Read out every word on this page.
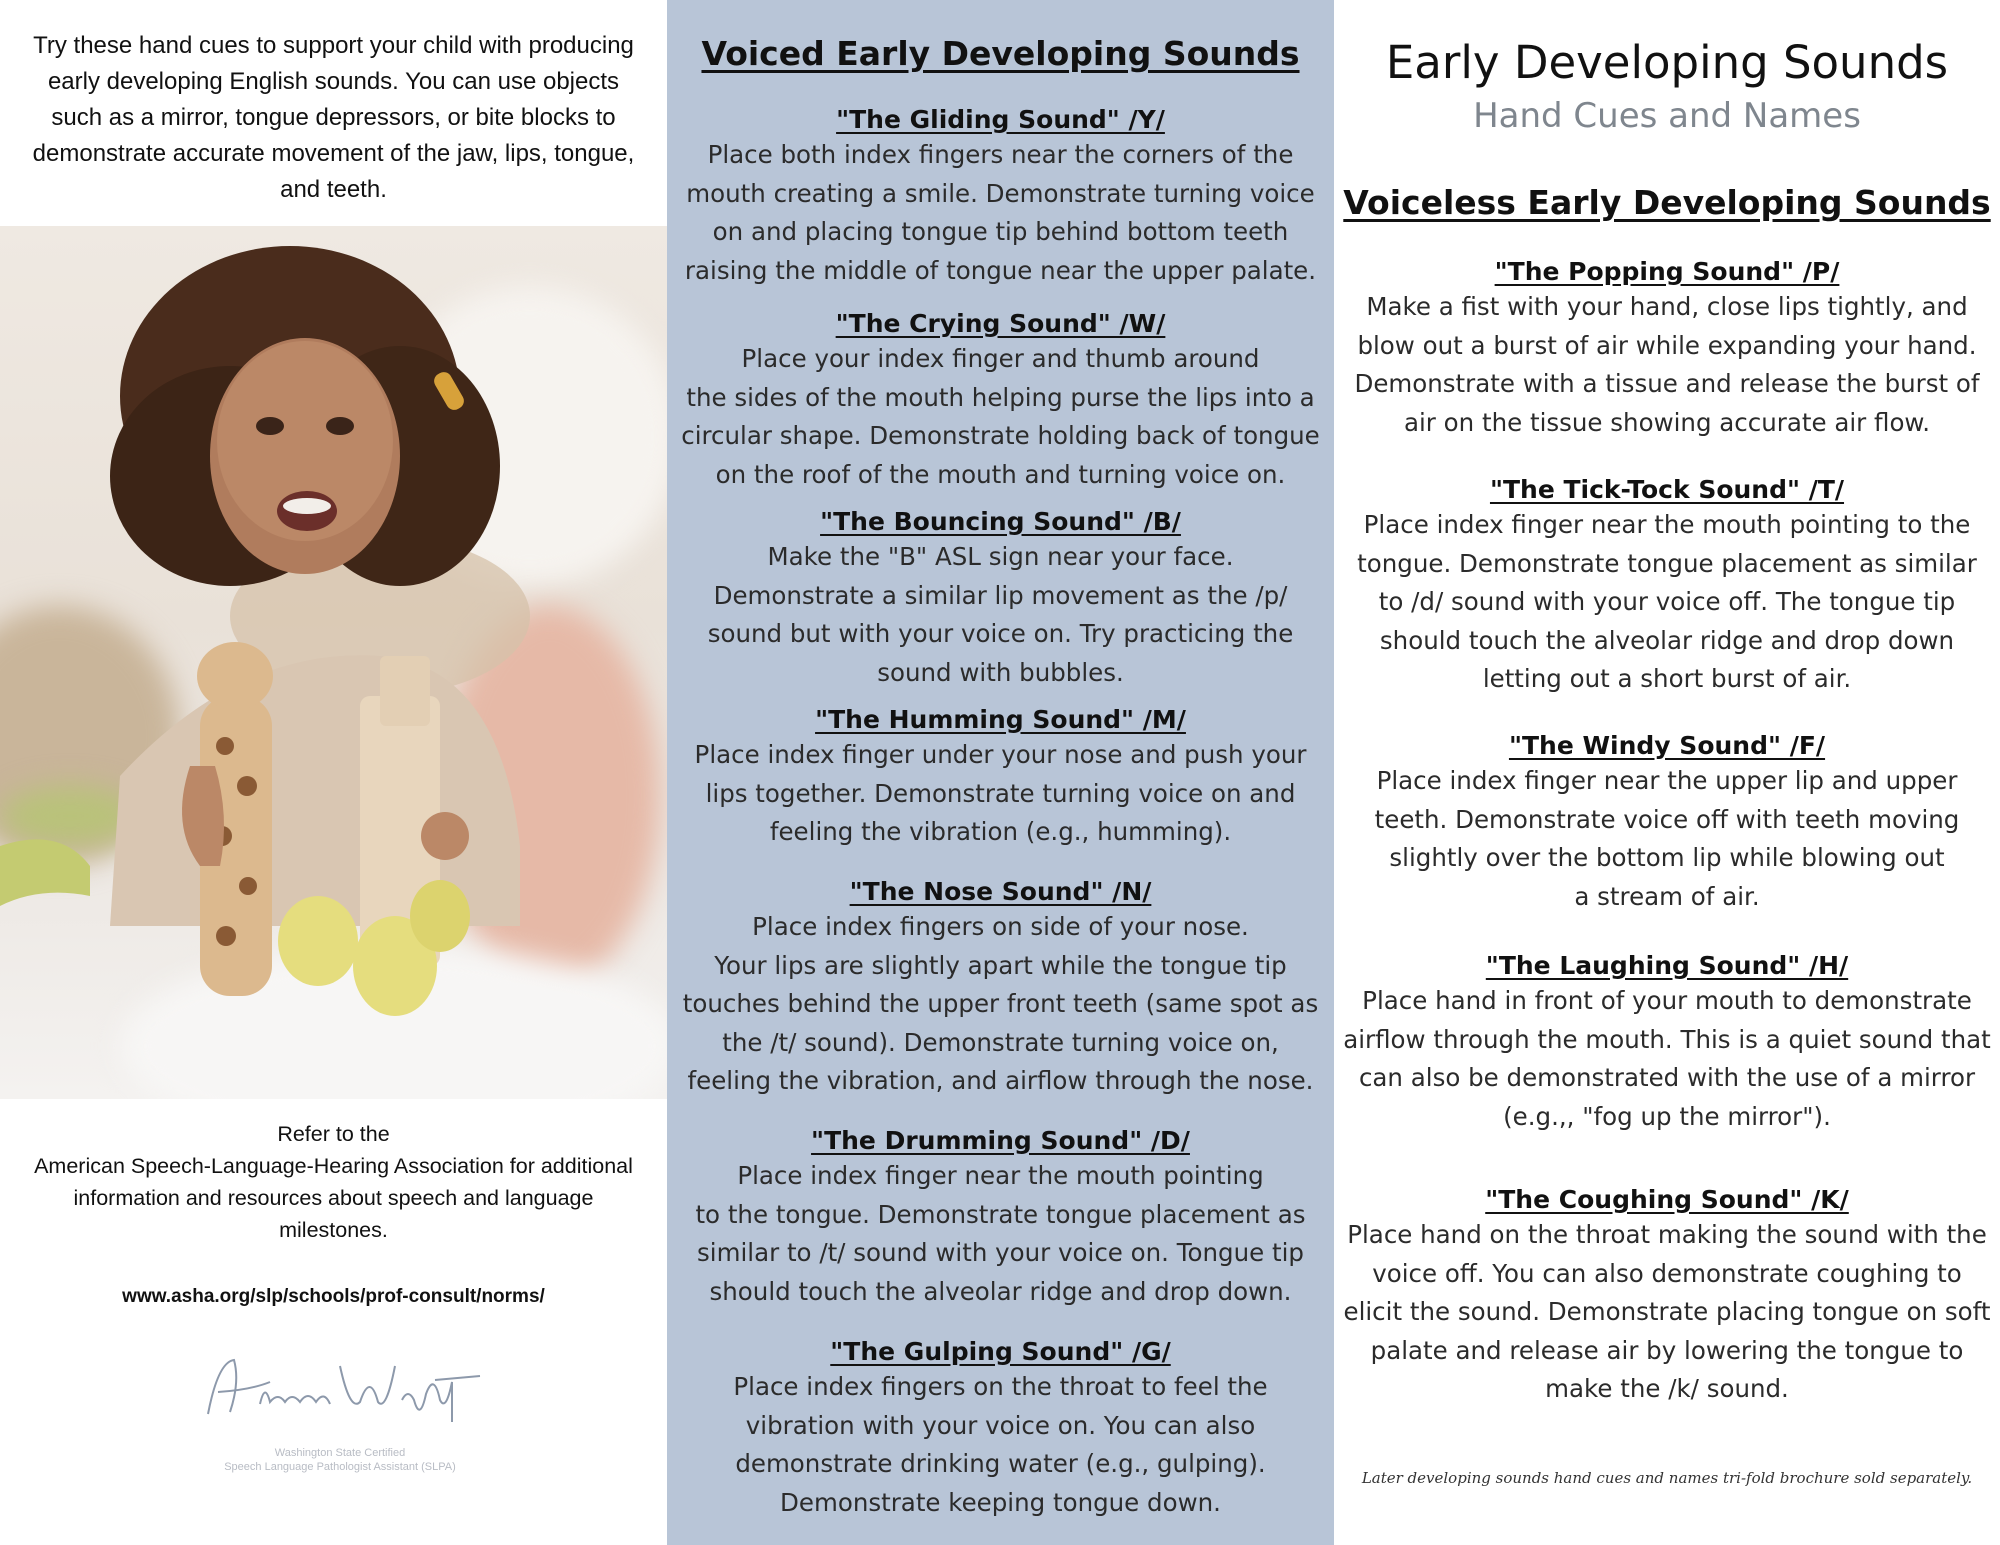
Try these hand cues to support your child with producing early developing English sounds. You can use objects such as a mirror, tongue depressors, or bite blocks to demonstrate accurate movement of the jaw, lips, tongue, and teeth.

Refer to the

American Speech-Language-Hearing Association for additional information and resources about speech and language milestones.

www.asha.org/slp/schools/prof-consult/norms/

Washington State Certified

Speech Language Pathologist Assistant (SLPA)

Voiced Early Developing Sounds
"The Gliding Sound" /Y/

Place both index fingers near the corners of the mouth creating a smile. Demonstrate turning voice on and placing tongue tip behind bottom teeth raising the middle of tongue near the upper palate.

"The Crying Sound" /W/

Place your index finger and thumb around
the sides of the mouth helping purse the lips into a circular shape. Demonstrate holding back of tongue on the roof of the mouth and turning voice on.

"The Bouncing Sound" /B/

Make the "B" ASL sign near your face.
Demonstrate a similar lip movement as the /p/ sound but with your voice on. Try practicing the sound with bubbles.

"The Humming Sound" /M/

Place index finger under your nose and push your lips together. Demonstrate turning voice on and feeling the vibration (e.g., humming).

"The Nose Sound" /N/

Place index fingers on side of your nose.
Your lips are slightly apart while the tongue tip touches behind the upper front teeth (same spot as the /t/ sound). Demonstrate turning voice on, feeling the vibration, and airflow through the nose.

"The Drumming Sound" /D/

Place index finger near the mouth pointing
to the tongue. Demonstrate tongue placement as similar to /t/ sound with your voice on. Tongue tip should touch the alveolar ridge and drop down.

"The Gulping Sound" /G/

Place index fingers on the throat to feel the vibration with your voice on. You can also demonstrate drinking water (e.g., gulping). Demonstrate keeping tongue down.

Early Developing Sounds

Hand Cues and Names

Voiceless Early Developing Sounds
"The Popping Sound" /P/

Make a fist with your hand, close lips tightly, and blow out a burst of air while expanding your hand. Demonstrate with a tissue and release the burst of air on the tissue showing accurate air flow.

"The Tick-Tock Sound" /T/

Place index finger near the mouth pointing to the tongue. Demonstrate tongue placement as similar to /d/ sound with your voice off. The tongue tip should touch the alveolar ridge and drop down letting out a short burst of air.

"The Windy Sound" /F/

Place index finger near the upper lip and upper teeth. Demonstrate voice off with teeth moving slightly over the bottom lip while blowing out
a stream of air.

"The Laughing Sound" /H/

Place hand in front of your mouth to demonstrate airflow through the mouth. This is a quiet sound that can also be demonstrated with the use of a mirror (e.g.,, "fog up the mirror").

"The Coughing Sound" /K/

Place hand on the throat making the sound with the voice off. You can also demonstrate coughing to elicit the sound. Demonstrate placing tongue on soft palate and release air by lowering the tongue to make the /k/ sound.

Later developing sounds hand cues and names tri-fold brochure sold separately.
